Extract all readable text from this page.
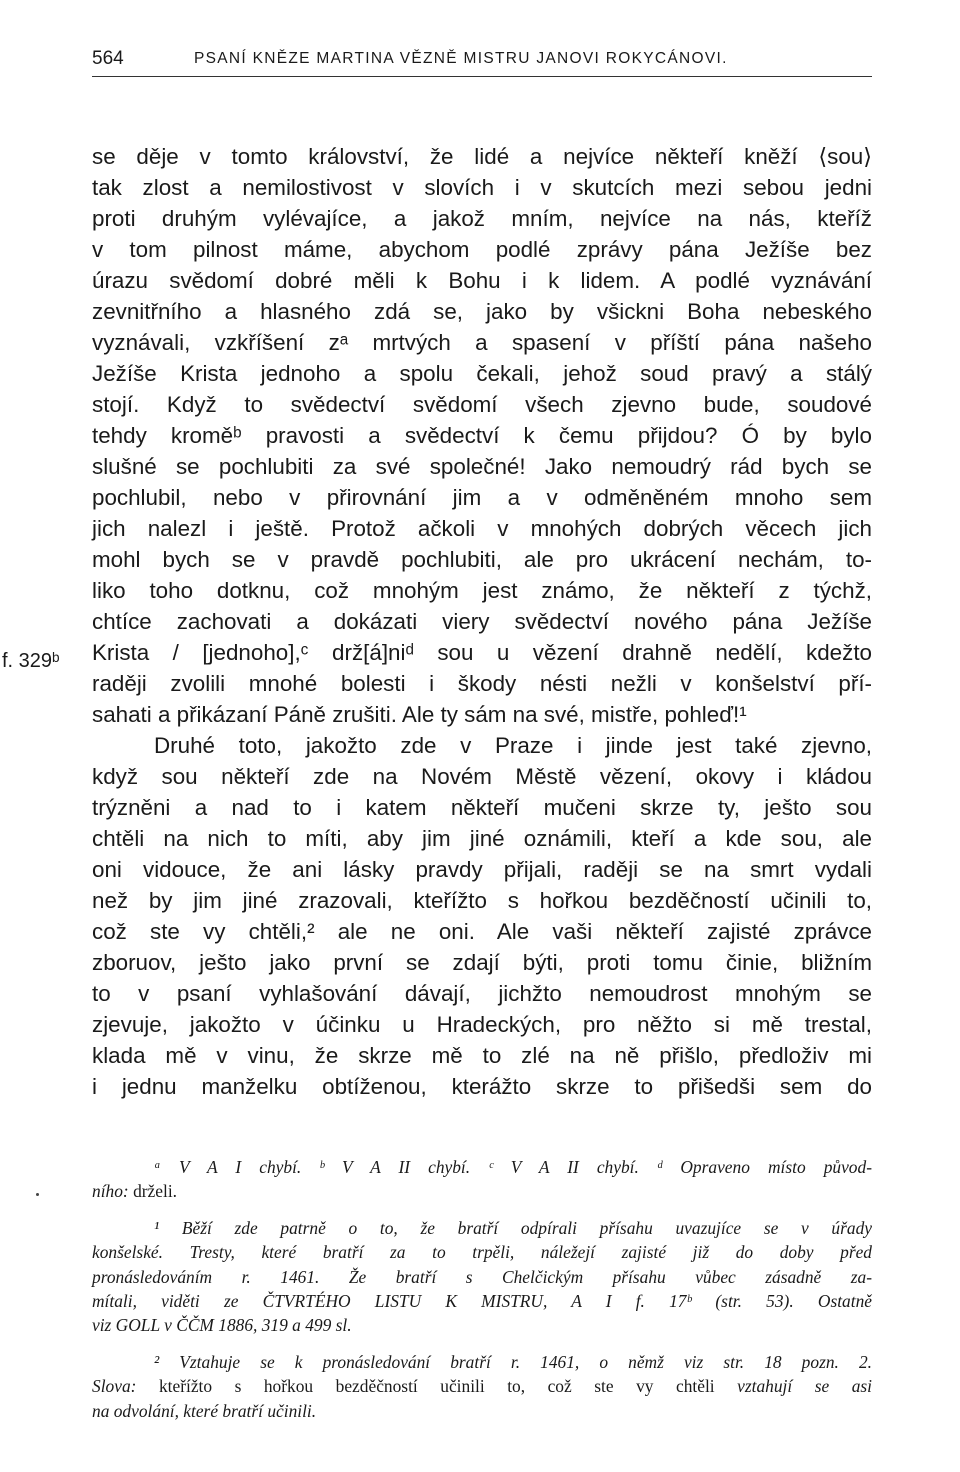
564	PSANÍ KNĚZE MARTINA VĚZNĚ MISTRU JANOVI ROKYCÁNOVI.
f. 329ᵇ
se děje v tomto království, že lidé a nejvíce někteří kněží ⟨sou⟩
tak zlost a nemilostivost v slovích i v skutcích mezi sebou jedni
proti druhým vylévajíce, a jakož mním, nejvíce na nás, kteříž
v tom pilnost máme, abychom podlé zprávy pána Ježíše bez
úrazu svědomí dobré měli k Bohu i k lidem. A podlé vyznávání
zevnitřního a hlasného zdá se, jako by všickni Boha nebeského
vyznávali, vzkříšení zᵃ mrtvých a spasení v příští pána našeho
Ježíše Krista jednoho a spolu čekali, jehož soud pravý a stálý
stojí. Když to svědectví svědomí všech zjevno bude, soudové
tehdy kroměᵇ pravosti a svědectví k čemu přijdou? Ó by bylo
slušné se pochlubiti za své společné! Jako nemoudrý rád bych se
pochlubil, nebo v přirovnání jim a v odměněném mnoho sem
jich nalezl i ještě. Protož ačkoli v mnohých dobrých věcech jich
mohl bych se v pravdě pochlubiti, ale pro ukrácení nechám, to-
liko toho dotknu, což mnohým jest známo, že někteří z týchž,
chtíce zachovati a dokázati viery svědectví nového pána Ježíše
Krista / [jednoho],ᶜ drž[á]niᵈ sou u vězení drahně nedělí, kdežto
raději zvolili mnohé bolesti i škody nésti nežli v konšelství pří-
sahati a přikázaní Páně zrušiti. Ale ty sám na své, mistře, pohleď!¹
Druhé toto, jakožto zde v Praze i jinde jest také zjevno,
když sou někteří zde na Novém Městě vězení, okovy i kládou
trýzněni a nad to i katem někteří mučeni skrze ty, ješto sou
chtěli na nich to míti, aby jim jiné oznámili, kteří a kde sou, ale
oni vidouce, že ani lásky pravdy přijali, raději se na smrt vydali
než by jim jiné zrazovali, kteřížto s hořkou bezděčností učinili to,
což ste vy chtěli,² ale ne oni. Ale vaši někteří zajisté zprávce
zboruov, ješto jako první se zdají býti, proti tomu činie, bližním
to v psaní vyhlašování dávají, jichžto nemoudrost mnohým se
zjevuje, jakožto v účinku u Hradeckých, pro něžto si mě trestal,
klada mě v vinu, že skrze mě to zlé na ně přišlo, předloživ mi
i jednu manželku obtíženou, kterážto skrze to přišedši sem do
ᵃ V A I chybí. ᵇ V A II chybí. ᶜ V A II chybí. ᵈ Opraveno místo původ-
ního: drželi.
¹ Běží zde patrně o to, že bratří odpírali přísahu uvazujíce se v úřady
konšelské. Tresty, které bratří za to trpěli, náležejí zajisté již do doby před
pronásledováním r. 1461. Že bratří s Chelčickým přísahu vůbec zásadně za-
mítali, viděti ze ČTVRTÉHO LISTU K MISTRU, A I f. 17ᵇ (str. 53). Ostatně
viz GOLL v ČČM 1886, 319 a 499 sl.
² Vztahuje se k pronásledování bratří r. 1461, o němž viz str. 18 pozn. 2.
Slova: kteřížto s hořkou bezděčností učinili to, což ste vy chtěli vztahují se asi
na odvolání, které bratří učinili.
